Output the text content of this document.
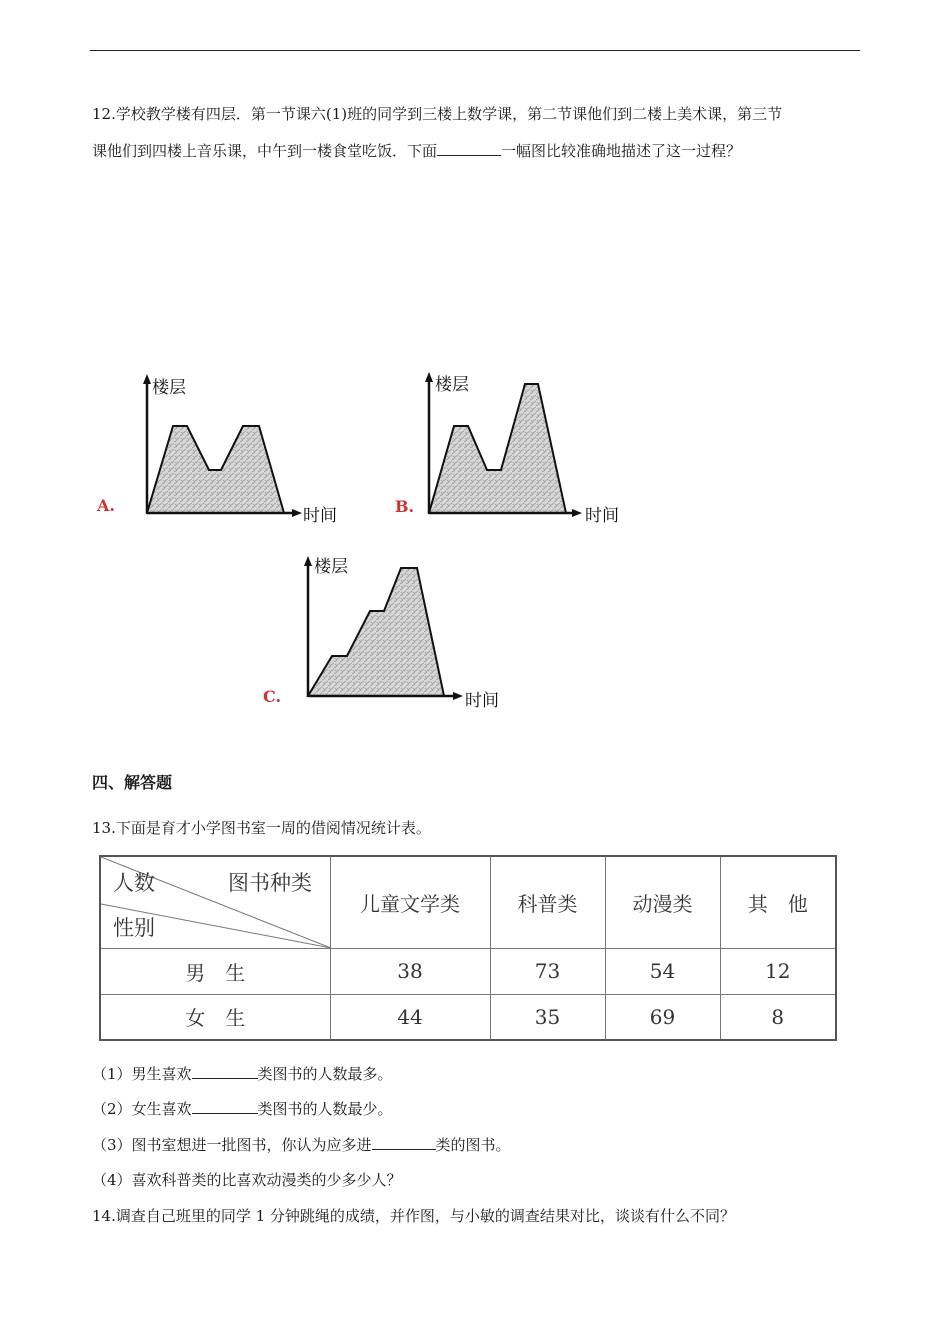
12.学校教学楼有四层．第一节课六(1)班的同学到三楼上数学课，第二节课他们到二楼上美术课，第三节
课他们到四楼上音乐课，中午到一楼食堂吃饭．下面	一幅图比较准确地描述了这一过程？
A.
楼层
时间	B.
楼层
时间
C.
楼层
时间
四、解答题
13.下面是育才小学图书室一周的借阅情况统计表。
人数 图书种类
性别	儿童文学类	科普类	动漫类	其　他
男　生	38	73	54	12
女　生	44	35	69	8
（1）男生喜欢	类图书的人数最多。
（2）女生喜欢	类图书的人数最少。
（3）图书室想进一批图书，你认为应多进	类的图书。
（4）喜欢科普类的比喜欢动漫类的少多少人？
14.调查自己班里的同学 1 分钟跳绳的成绩，并作图，与小敏的调查结果对比，谈谈有什么不同？
